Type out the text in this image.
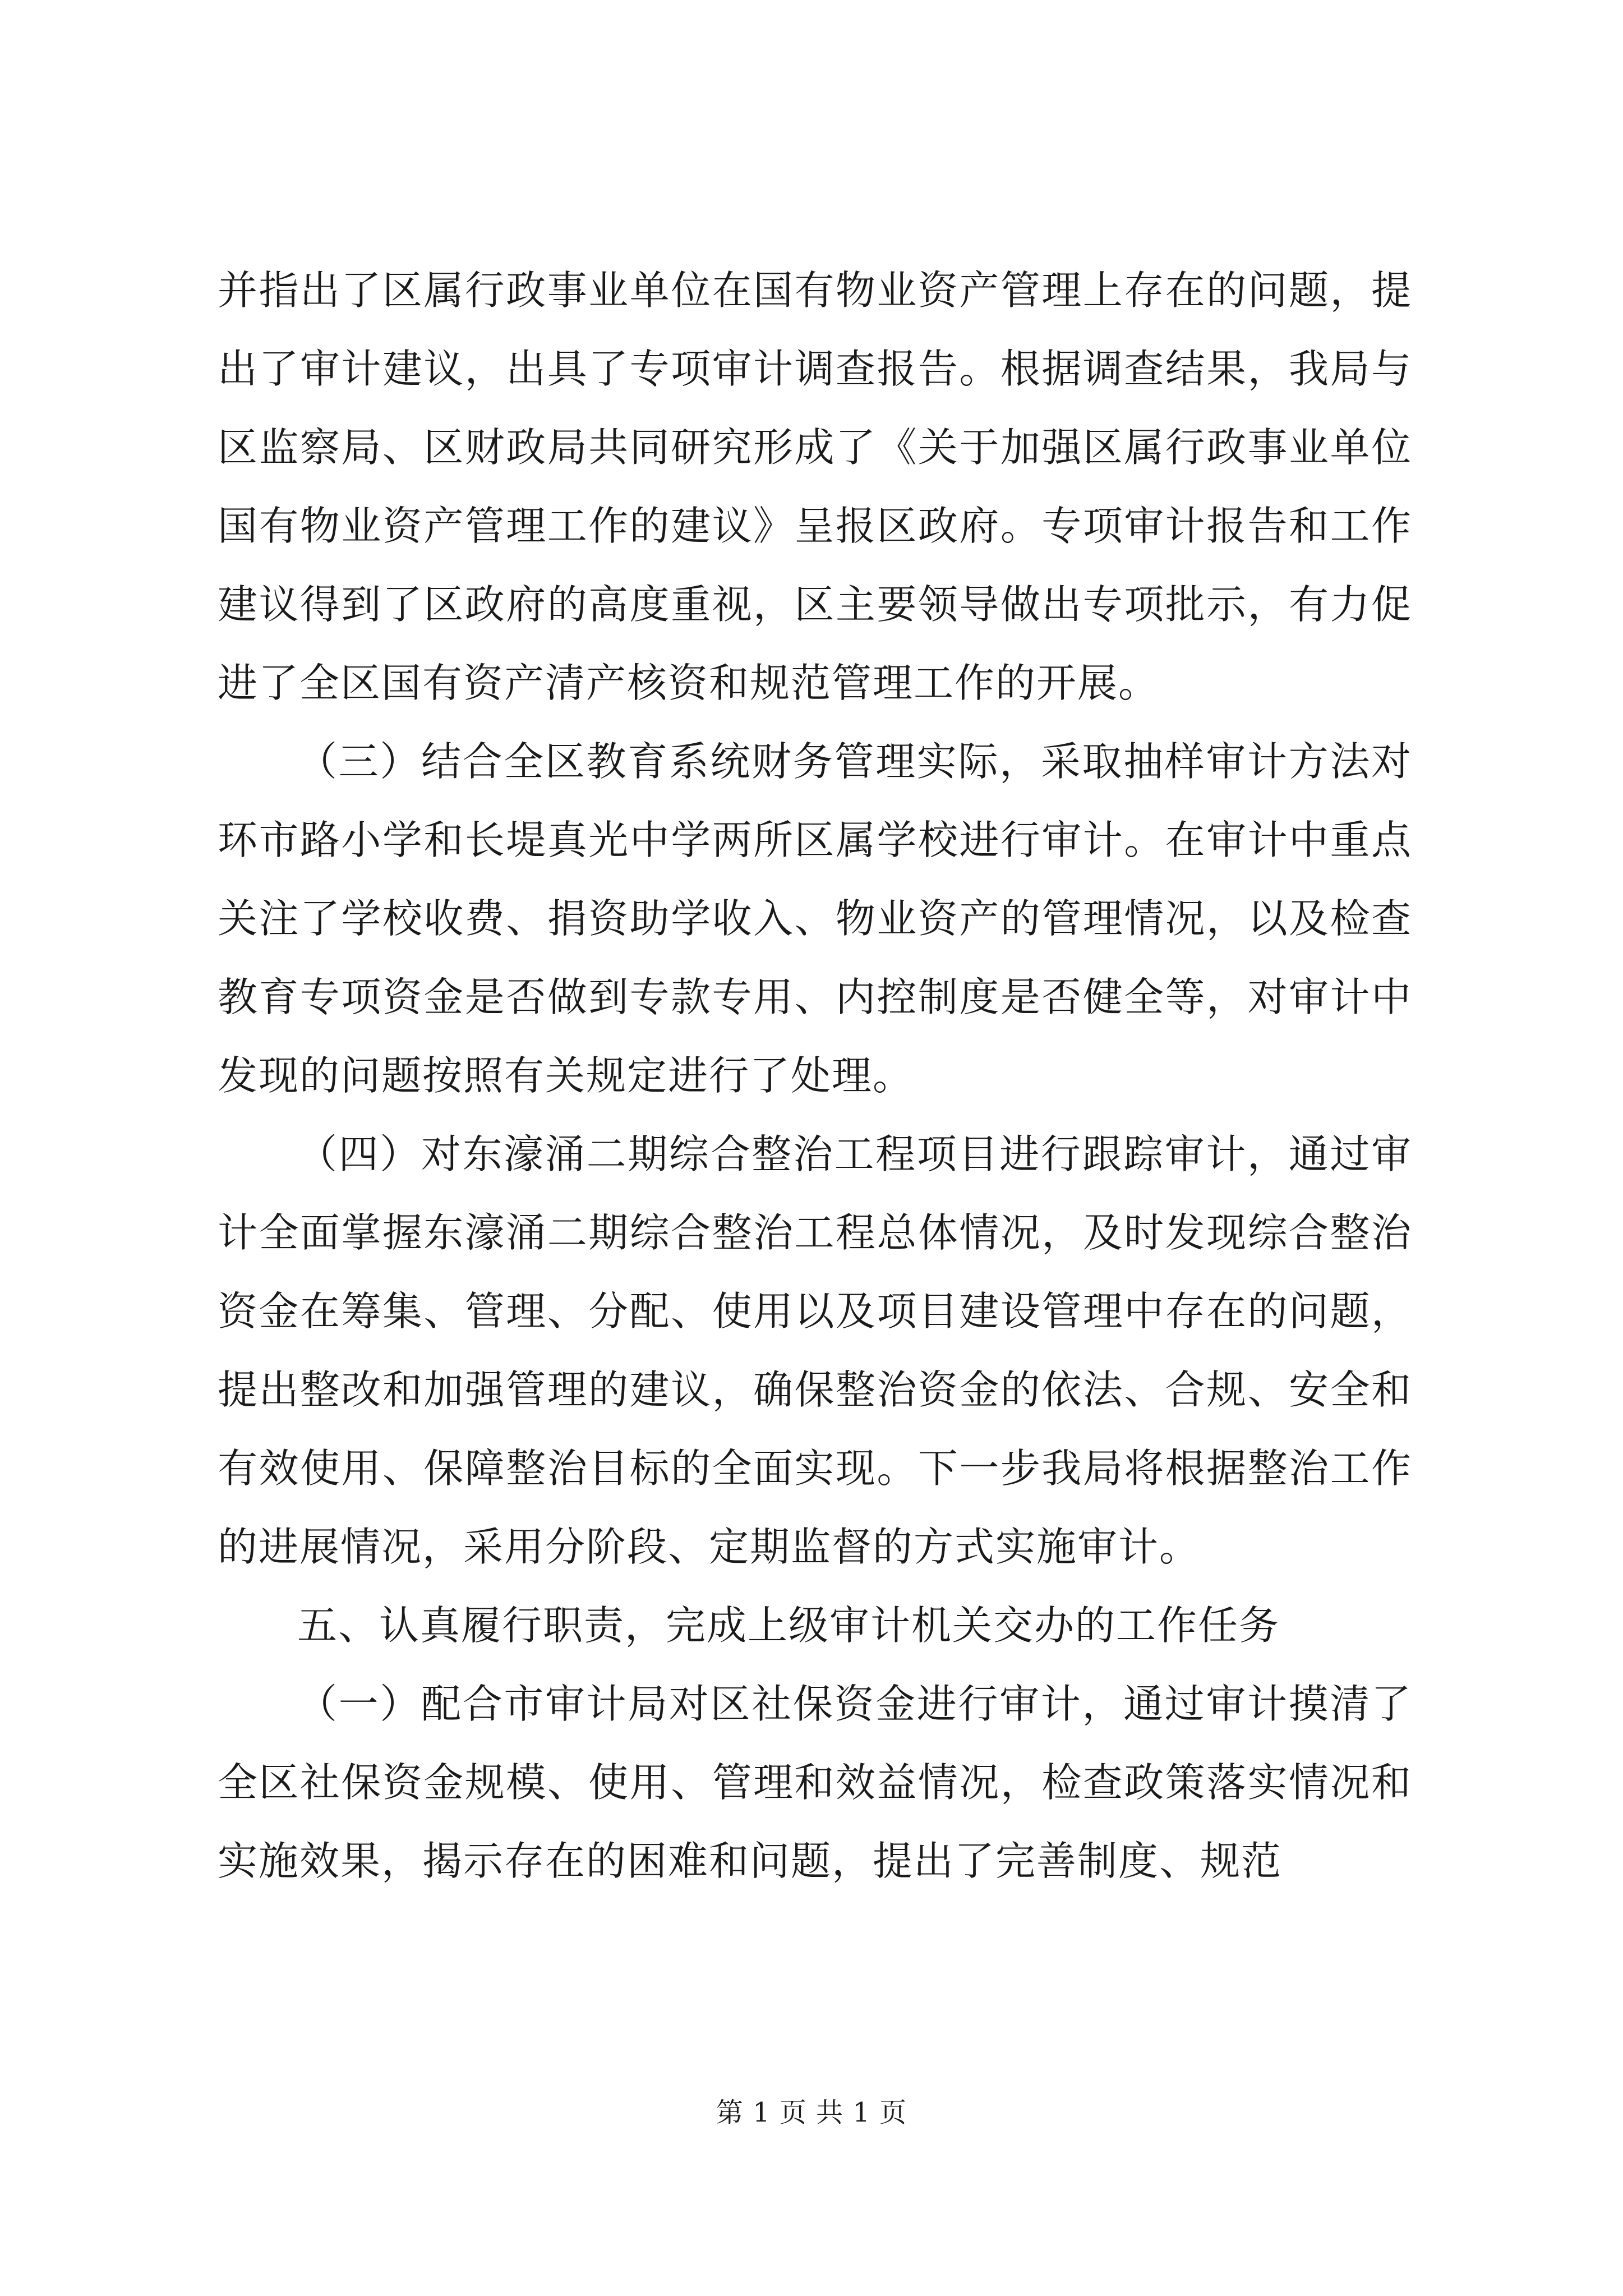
并指出了区属行政事业单位在国有物业资产管理上存在的问题，提出了审计建议，出具了专项审计调查报告。根据调查结果，我局与区监察局、区财政局共同研究形成了《关于加强区属行政事业单位国有物业资产管理工作的建议》呈报区政府。专项审计报告和工作建议得到了区政府的高度重视，区主要领导做出专项批示，有力促进了全区国有资产清产核资和规范管理工作的开展。

（三）结合全区教育系统财务管理实际，采取抽样审计方法对环市路小学和长堤真光中学两所区属学校进行审计。在审计中重点关注了学校收费、捐资助学收入、物业资产的管理情况，以及检查教育专项资金是否做到专款专用、内控制度是否健全等，对审计中发现的问题按照有关规定进行了处理。

（四）对东濠涌二期综合整治工程项目进行跟踪审计，通过审计全面掌握东濠涌二期综合整治工程总体情况，及时发现综合整治资金在筹集、管理、分配、使用以及项目建设管理中存在的问题，提出整改和加强管理的建议，确保整治资金的依法、合规、安全和有效使用、保障整治目标的全面实现。下一步我局将根据整治工作的进展情况，采用分阶段、定期监督的方式实施审计。

五、认真履行职责，完成上级审计机关交办的工作任务

（一）配合市审计局对区社保资金进行审计，通过审计摸清了全区社保资金规模、使用、管理和效益情况，检查政策落实情况和实施效果，揭示存在的困难和问题，提出了完善制度、规范

第 1 页 共 1 页
